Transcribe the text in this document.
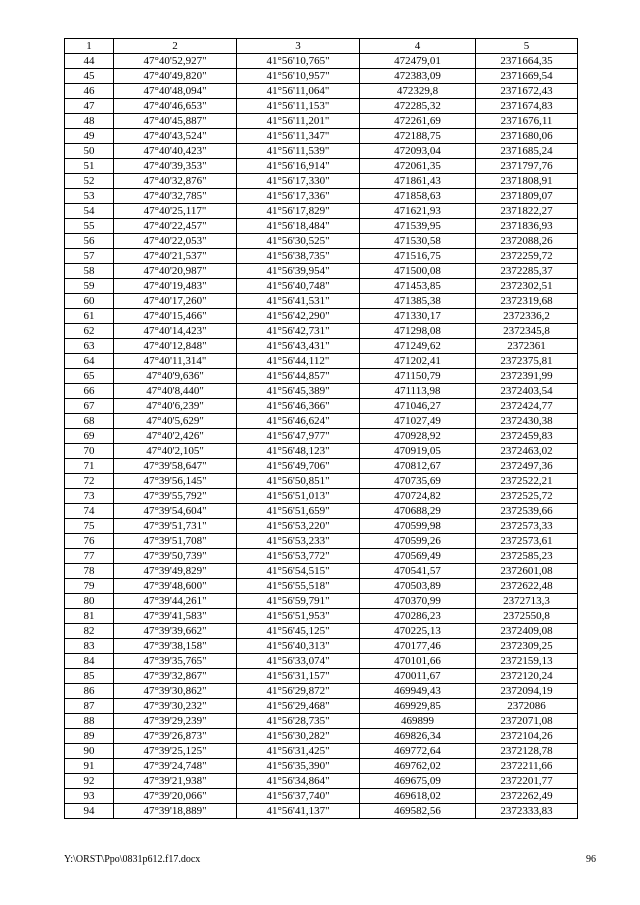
1	2	3	4	5
44	47°40'52,927"	41°56'10,765"	472479,01	2371664,35
45	47°40'49,820"	41°56'10,957"	472383,09	2371669,54
46	47°40'48,094"	41°56'11,064"	472329,8	2371672,43
47	47°40'46,653"	41°56'11,153"	472285,32	2371674,83
48	47°40'45,887"	41°56'11,201"	472261,69	2371676,11
49	47°40'43,524"	41°56'11,347"	472188,75	2371680,06
50	47°40'40,423"	41°56'11,539"	472093,04	2371685,24
51	47°40'39,353"	41°56'16,914"	472061,35	2371797,76
52	47°40'32,876"	41°56'17,330"	471861,43	2371808,91
53	47°40'32,785"	41°56'17,336"	471858,63	2371809,07
54	47°40'25,117"	41°56'17,829"	471621,93	2371822,27
55	47°40'22,457"	41°56'18,484"	471539,95	2371836,93
56	47°40'22,053"	41°56'30,525"	471530,58	2372088,26
57	47°40'21,537"	41°56'38,735"	471516,75	2372259,72
58	47°40'20,987"	41°56'39,954"	471500,08	2372285,37
59	47°40'19,483"	41°56'40,748"	471453,85	2372302,51
60	47°40'17,260"	41°56'41,531"	471385,38	2372319,68
61	47°40'15,466"	41°56'42,290"	471330,17	2372336,2
62	47°40'14,423"	41°56'42,731"	471298,08	2372345,8
63	47°40'12,848"	41°56'43,431"	471249,62	2372361
64	47°40'11,314"	41°56'44,112"	471202,41	2372375,81
65	47°40'9,636"	41°56'44,857"	471150,79	2372391,99
66	47°40'8,440"	41°56'45,389"	471113,98	2372403,54
67	47°40'6,239"	41°56'46,366"	471046,27	2372424,77
68	47°40'5,629"	41°56'46,624"	471027,49	2372430,38
69	47°40'2,426"	41°56'47,977"	470928,92	2372459,83
70	47°40'2,105"	41°56'48,123"	470919,05	2372463,02
71	47°39'58,647"	41°56'49,706"	470812,67	2372497,36
72	47°39'56,145"	41°56'50,851"	470735,69	2372522,21
73	47°39'55,792"	41°56'51,013"	470724,82	2372525,72
74	47°39'54,604"	41°56'51,659"	470688,29	2372539,66
75	47°39'51,731"	41°56'53,220"	470599,98	2372573,33
76	47°39'51,708"	41°56'53,233"	470599,26	2372573,61
77	47°39'50,739"	41°56'53,772"	470569,49	2372585,23
78	47°39'49,829"	41°56'54,515"	470541,57	2372601,08
79	47°39'48,600"	41°56'55,518"	470503,89	2372622,48
80	47°39'44,261"	41°56'59,791"	470370,99	2372713,3
81	47°39'41,583"	41°56'51,953"	470286,23	2372550,8
82	47°39'39,662"	41°56'45,125"	470225,13	2372409,08
83	47°39'38,158"	41°56'40,313"	470177,46	2372309,25
84	47°39'35,765"	41°56'33,074"	470101,66	2372159,13
85	47°39'32,867"	41°56'31,157"	470011,67	2372120,24
86	47°39'30,862"	41°56'29,872"	469949,43	2372094,19
87	47°39'30,232"	41°56'29,468"	469929,85	2372086
88	47°39'29,239"	41°56'28,735"	469899	2372071,08
89	47°39'26,873"	41°56'30,282"	469826,34	2372104,26
90	47°39'25,125"	41°56'31,425"	469772,64	2372128,78
91	47°39'24,748"	41°56'35,390"	469762,02	2372211,66
92	47°39'21,938"	41°56'34,864"	469675,09	2372201,77
93	47°39'20,066"	41°56'37,740"	469618,02	2372262,49
94	47°39'18,889"	41°56'41,137"	469582,56	2372333,83
Y:\ORST\Ppo\0831p612.f17.docx	96
